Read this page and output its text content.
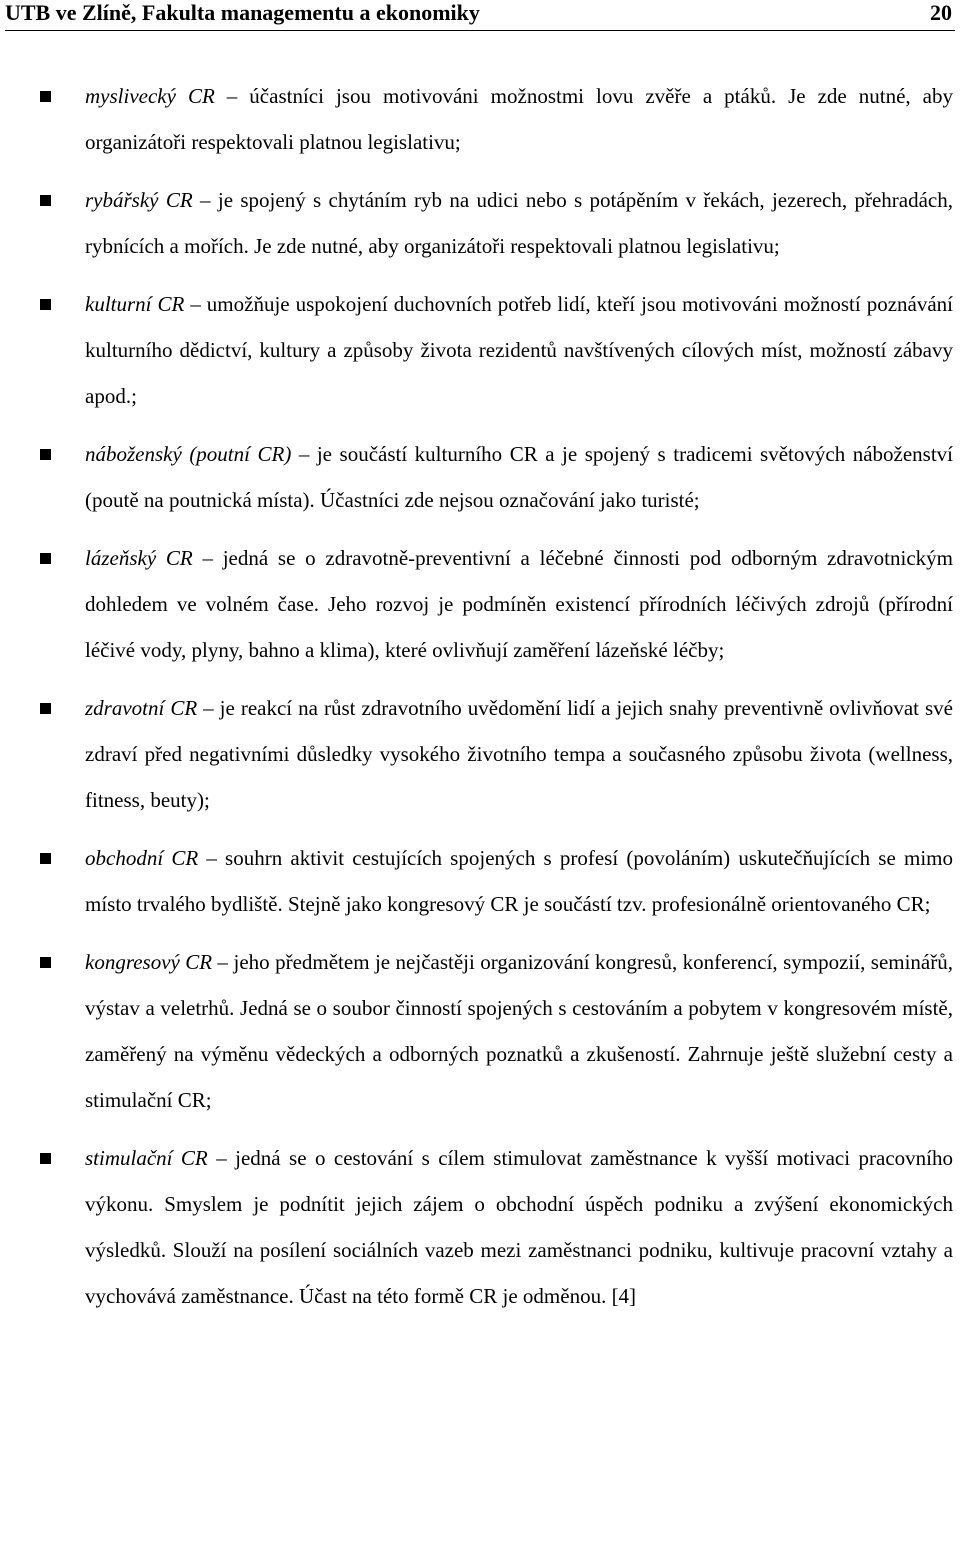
UTB ve Zlíně, Fakulta managementu a ekonomiky	20
myslivecký CR – účastníci jsou motivováni možnostmi lovu zvěře a ptáků. Je zde nutné, aby organizátoři respektovali platnou legislativu;
rybářský CR – je spojený s chytáním ryb na udici nebo s potápěním v řekách, jezerech, přehradách, rybnících a mořích. Je zde nutné, aby organizátoři respektovali platnou legislativu;
kulturní CR – umožňuje uspokojení duchovních potřeb lidí, kteří jsou motivováni možností poznávání kulturního dědictví, kultury a způsoby života rezidentů navštívených cílových míst, možností zábavy apod.;
náboženský (poutní CR) – je součástí kulturního CR a je spojený s tradicemi světových náboženství (poutě na poutnická místa). Účastníci zde nejsou označování jako turisté;
lázeňský CR – jedná se o zdravotně-preventivní a léčebné činnosti pod odborným zdravotnickým dohledem ve volném čase. Jeho rozvoj je podmíněn existencí přírodních léčivých zdrojů (přírodní léčivé vody, plyny, bahno a klima), které ovlivňují zaměření lázeňské léčby;
zdravotní CR – je reakcí na růst zdravotního uvědomění lidí a jejich snahy preventivně ovlivňovat své zdraví před negativními důsledky vysokého životního tempa a současného způsobu života (wellness, fitness, beuty);
obchodní CR – souhrn aktivit cestujících spojených s profesí (povoláním) uskutečňujících se mimo místo trvalého bydliště. Stejně jako kongresový CR je součástí tzv. profesionálně orientovaného CR;
kongresový CR – jeho předmětem je nejčastěji organizování kongresů, konferencí, sympozií, seminářů, výstav a veletrhů. Jedná se o soubor činností spojených s cestováním a pobytem v kongresovém místě, zaměřený na výměnu vědeckých a odborných poznatků a zkušeností. Zahrnuje ještě služební cesty a stimulační CR;
stimulační CR – jedná se o cestování s cílem stimulovat zaměstnance k vyšší motivaci pracovního výkonu. Smyslem je podnítit jejich zájem o obchodní úspěch podniku a zvýšení ekonomických výsledků. Slouží na posílení sociálních vazeb mezi zaměstnanci podniku, kultivuje pracovní vztahy a vychovává zaměstnance. Účast na této formě CR je odměnou. [4]
